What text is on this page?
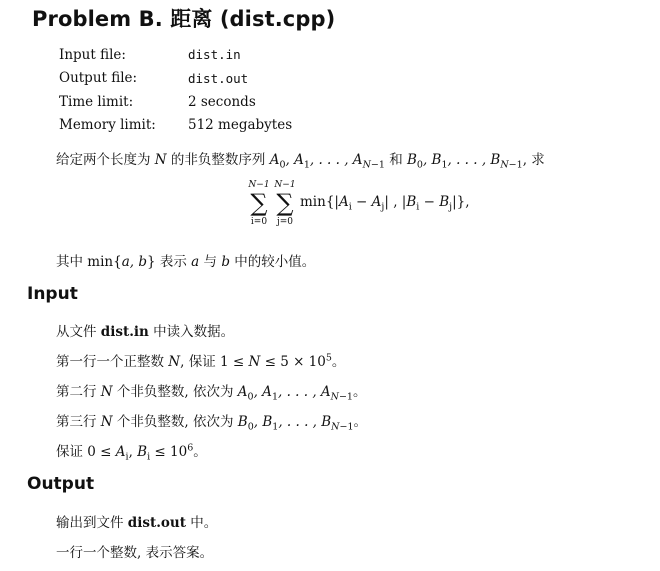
Problem B. 距离 (dist.cpp)
Input file:	dist.in
Output file:	dist.out
Time limit:	2 seconds
Memory limit:	512 megabytes
给定两个长度为 N 的非负整数序列 $A_0$, $A_1$, . . . , $A_{N-1}$ 和 $B_0$, $B_1$, . . . , $B_{N-1}$, 求
N−1
∑
i=0
N−1
∑
j=0
$\min\{|A_i - A_j|$ , $|B_i - B_j|$},
其中 min{a, b} 表示 a 与 b 中的较小值。
Input
从文件 dist.in 中读入数据。
第一行一个正整数 N, 保证 $1 \le N \le 5 \times 10^5$。
第二行 N 个非负整数, 依次为 $A_0$, $A_1$, . . . , $A_{N-1}$。
第三行 N 个非负整数, 依次为 $B_0$, $B_1$, . . . , $B_{N-1}$。
保证 $0 \le A_i$, $B_i \le 10^6$。
Output
输出到文件 dist.out 中。
一行一个整数, 表示答案。
